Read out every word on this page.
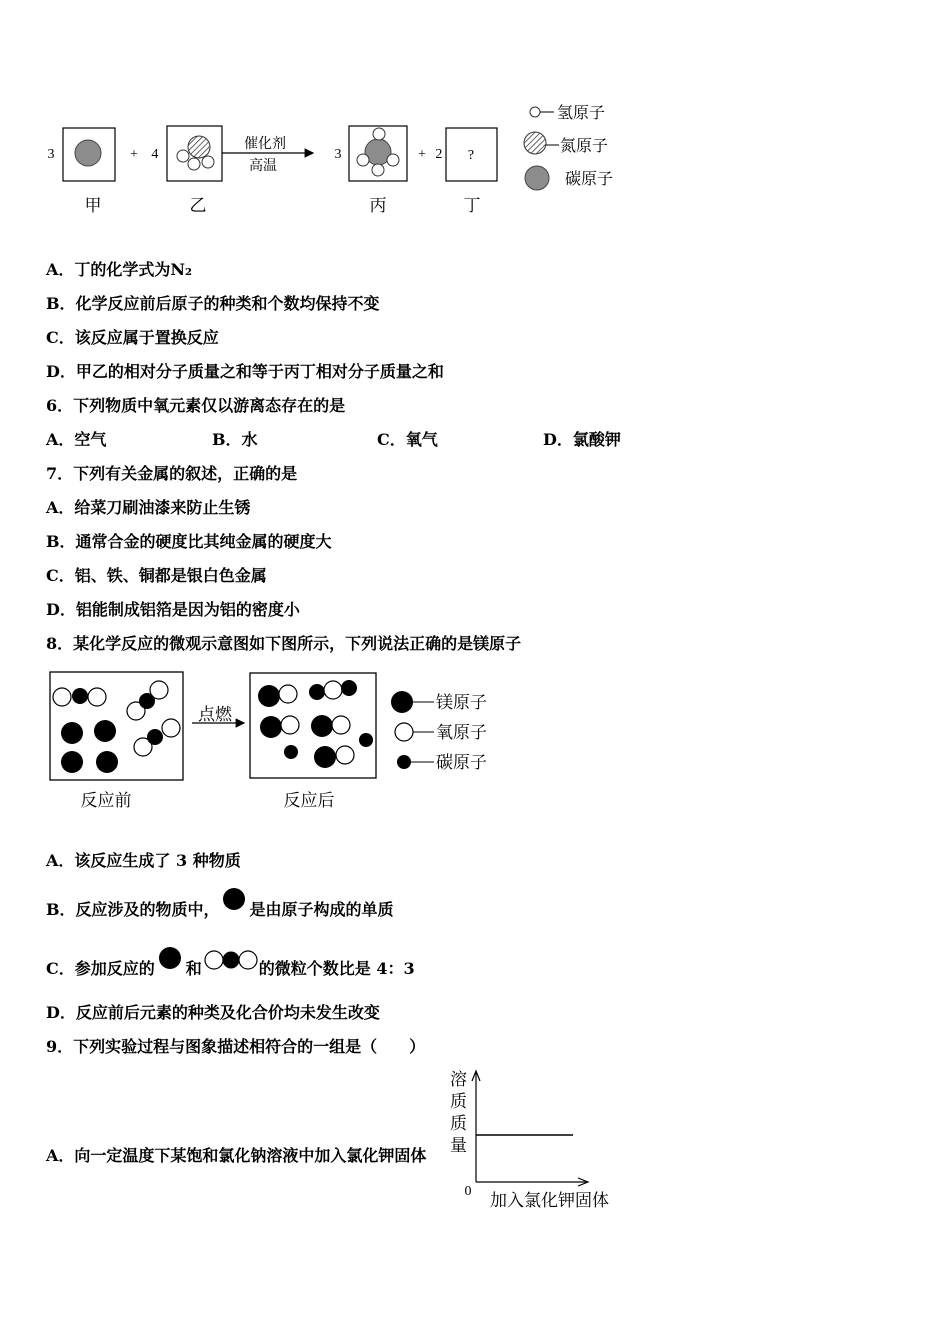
3	+ 4
催化剂
高温
3	+ 2 ?
氢原子
氮原子
碳原子
甲	乙	丙	丁
A．丁的化学式为N₂
B．化学反应前后原子的种类和个数均保持不变
C．该反应属于置换反应
D．甲乙的相对分子质量之和等于丙丁相对分子质量之和
6．下列物质中氧元素仅以游离态存在的是
A．空气	B．水	C．氧气	D．氯酸钾
7．下列有关金属的叙述，正确的是
A．给菜刀刷油漆来防止生锈
B．通常合金的硬度比其纯金属的硬度大
C．铝、铁、铜都是银白色金属
D．铝能制成铝箔是因为铝的密度小
8．某化学反应的微观示意图如下图所示，下列说法正确的是镁原子
点燃
镁原子
氧原子
碳原子
反应前	反应后
A．该反应生成了 3 种物质
B．反应涉及的物质中， 是由原子构成的单质
C．参加反应的 和	的微粒个数比是 4：3
D．反应前后元素的种类及化合价均未发生改变
9．下列实验过程与图象描述相符合的一组是（　　）
A．向一定温度下某饱和氯化钠溶液中加入氯化钾固体 溶质质量
0 加入氯化钾固体
